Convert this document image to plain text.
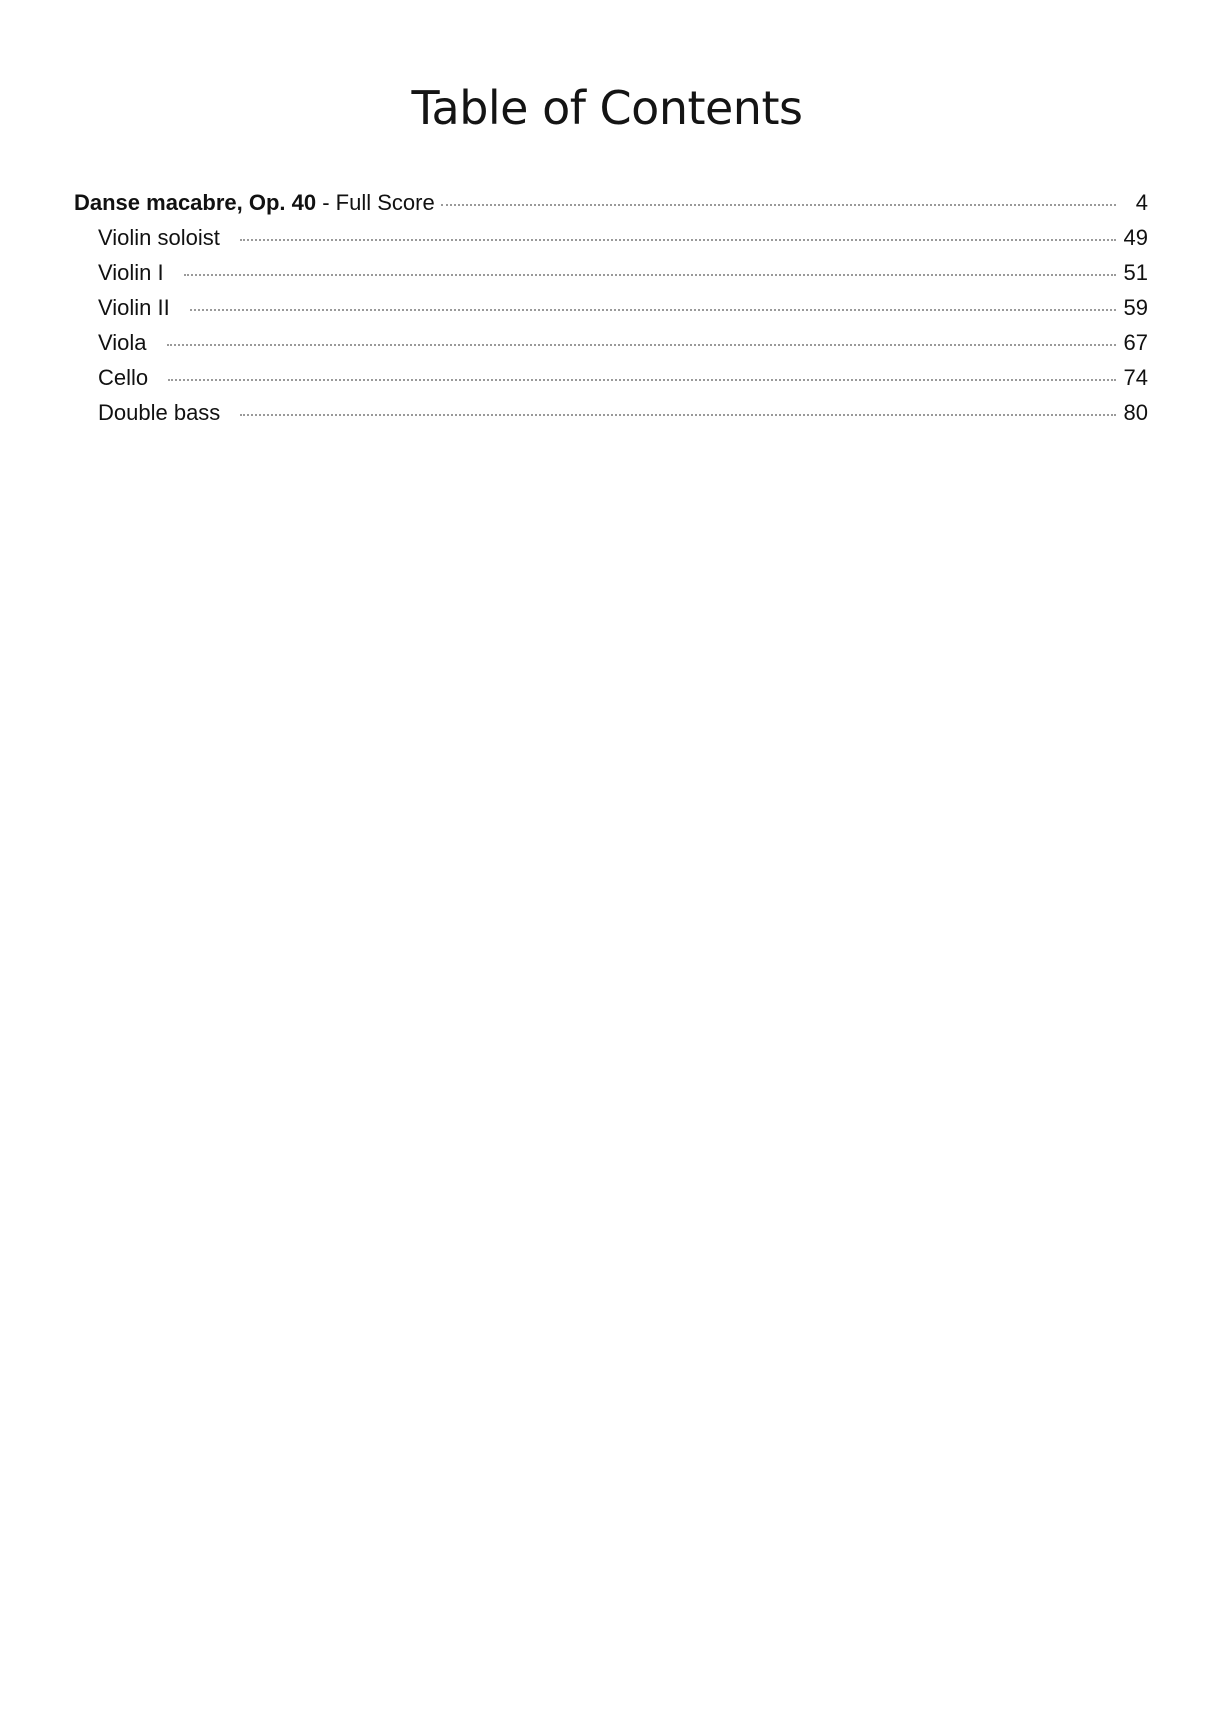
Table of Contents
Danse macabre, Op. 40 - Full Score	4
Violin soloist	49
Violin I	51
Violin II	59
Viola	67
Cello	74
Double bass	80
